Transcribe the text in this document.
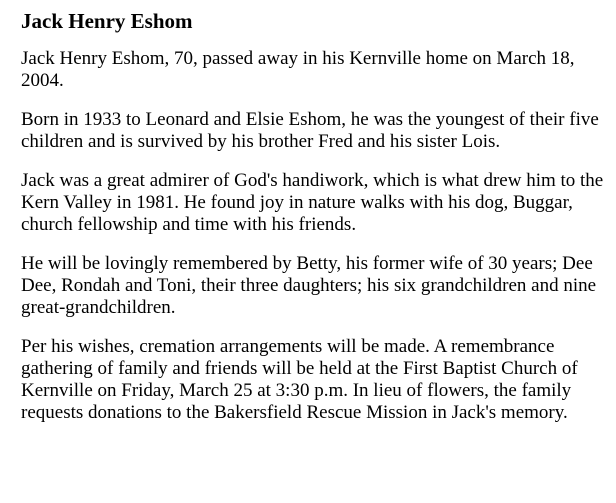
Jack Henry Eshom

Jack Henry Eshom, 70, passed away in his Kernville home on March 18, 2004.

Born in 1933 to Leonard and Elsie Eshom, he was the youngest of their five children and is survived by his brother Fred and his sister Lois.

Jack was a great admirer of God's handiwork, which is what drew him to the Kern Valley in 1981. He found joy in nature walks with his dog, Buggar, church fellowship and time with his friends.

He will be lovingly remembered by Betty, his former wife of 30 years; Dee Dee, Rondah and Toni, their three daughters; his six grandchildren and nine great-grandchildren.

Per his wishes, cremation arrangements will be made. A remembrance gathering of family and friends will be held at the First Baptist Church of Kernville on Friday, March 25 at 3:30 p.m. In lieu of flowers, the family requests donations to the Bakersfield Rescue Mission in Jack's memory.
